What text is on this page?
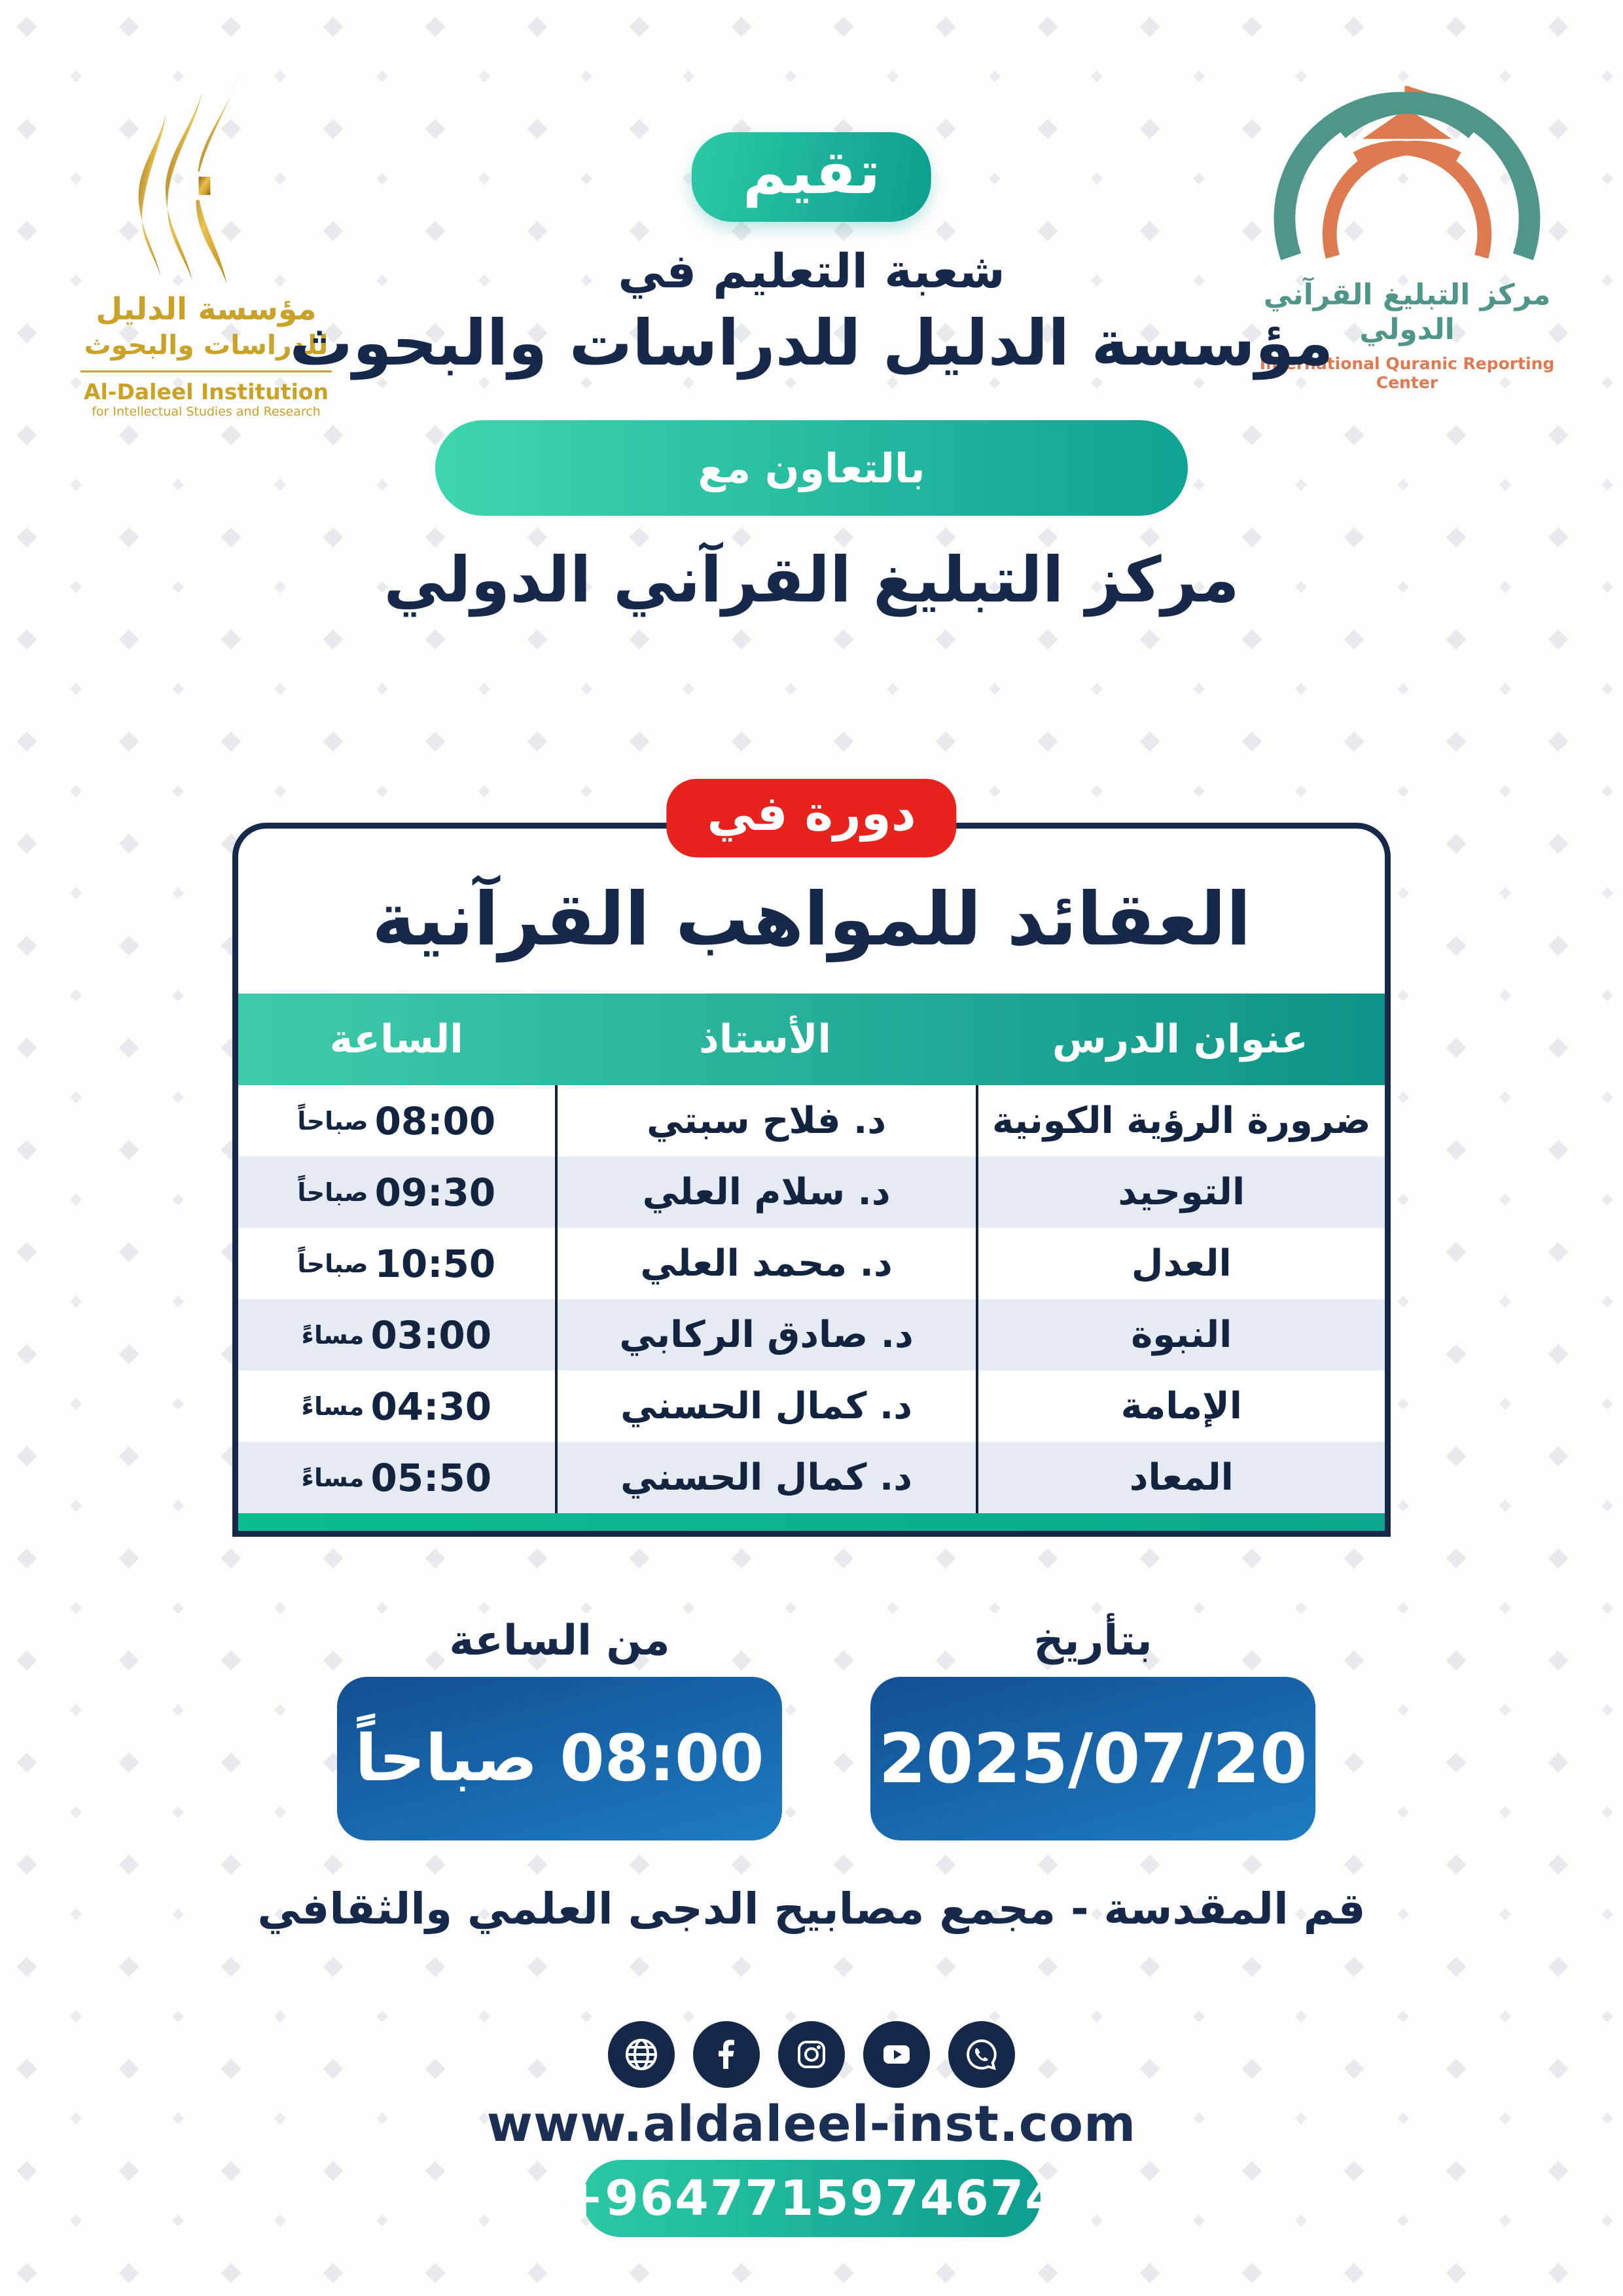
مؤسسة الدليل
للدراسات والبحوث
Al-Daleel Institution
for Intellectual Studies and Research
مركز التبليغ القرآني الدولي
International Quranic Reporting Center
تقيم
شعبة التعليم في
مؤسسة الدليل للدراسات والبحوث
بالتعاون مع
مركز التبليغ القرآني الدولي
دورة في
العقائد للمواهب القرآنية
عنوان الدرس
الأستاذ
الساعة
ضرورة الرؤية الكونية
د. فلاح سبتي
08:00
صباحاً
التوحيد
د. سلام العلي
09:30
صباحاً
العدل
د. محمد العلي
10:50
صباحاً
النبوة
د. صادق الركابي
03:00
مساءً
الإمامة
د. كمال الحسني
04:30
مساءً
المعاد
د. كمال الحسني
05:50
مساءً
بتأريخ
من الساعة
2025/07/20
08:00 صباحاً
قم المقدسة - مجمع مصابيح الدجى العلمي والثقافي
www.aldaleel-inst.com
+9647715974674
